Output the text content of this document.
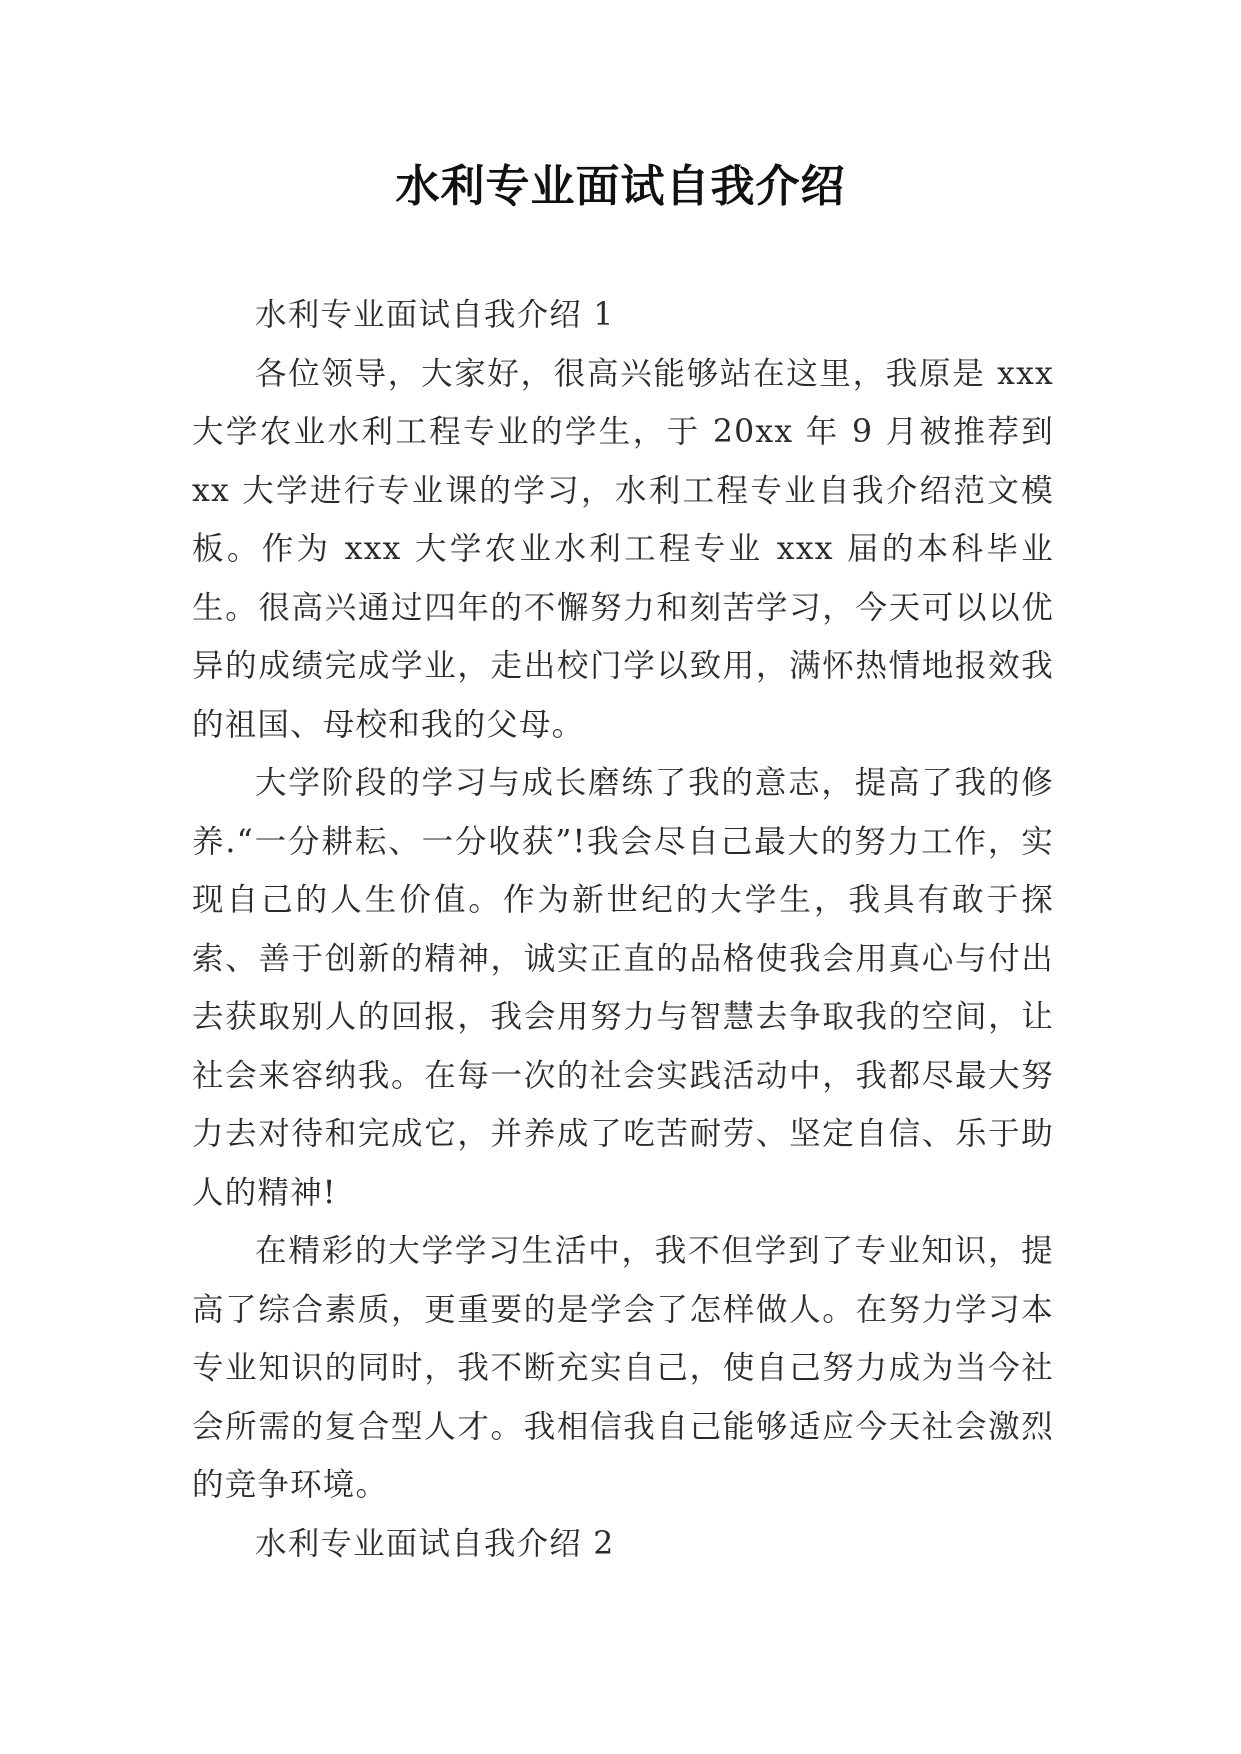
水利专业面试自我介绍

水利专业面试自我介绍 1

各位领导，大家好，很高兴能够站在这里，我原是 xxx 大学农业水利工程专业的学生，于 20xx 年 9 月被推荐到 xx 大学进行专业课的学习，水利工程专业自我介绍范文模板。作为 xxx 大学农业水利工程专业 xxx 届的本科毕业生。很高兴通过四年的不懈努力和刻苦学习，今天可以以优异的成绩完成学业，走出校门学以致用，满怀热情地报效我的祖国、母校和我的父母。

大学阶段的学习与成长磨练了我的意志，提高了我的修养.“一分耕耘、一分收获”!我会尽自己最大的努力工作，实现自己的人生价值。作为新世纪的大学生，我具有敢于探索、善于创新的精神，诚实正直的品格使我会用真心与付出去获取别人的回报，我会用努力与智慧去争取我的空间，让社会来容纳我。在每一次的社会实践活动中，我都尽最大努力去对待和完成它，并养成了吃苦耐劳、坚定自信、乐于助人的精神!

在精彩的大学学习生活中，我不但学到了专业知识，提高了综合素质，更重要的是学会了怎样做人。在努力学习本专业知识的同时，我不断充实自己，使自己努力成为当今社会所需的复合型人才。我相信我自己能够适应今天社会激烈的竞争环境。

水利专业面试自我介绍 2
